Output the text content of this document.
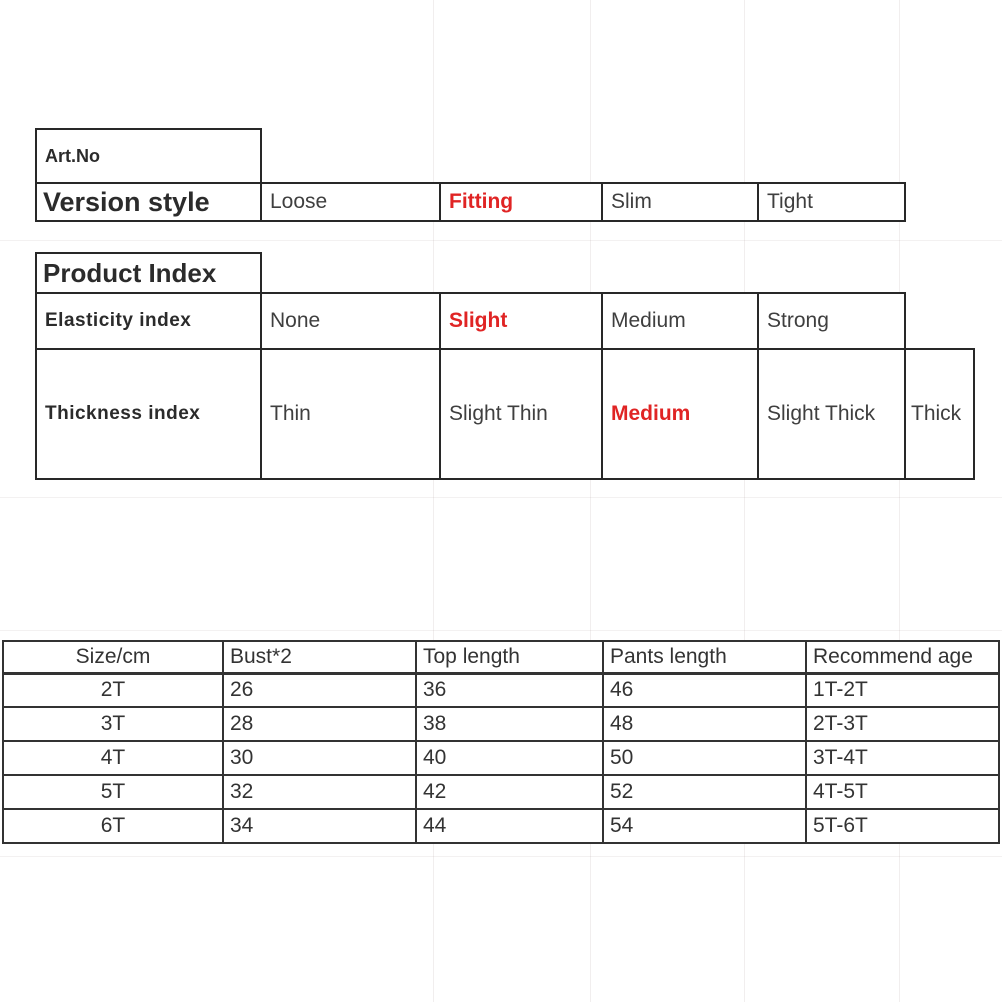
Art.No
Version style	Loose	Fitting	Slim	Tight
Product Index
Elasticity index	None	Slight	Medium	Strong
Thickness index	Thin	Slight Thin	Medium	Slight Thick	Thick
Size/cm	Bust*2	Top length	Pants length	Recommend age
2T	26	36	46	1T-2T
3T	28	38	48	2T-3T
4T	30	40	50	3T-4T
5T	32	42	52	4T-5T
6T	34	44	54	5T-6T
